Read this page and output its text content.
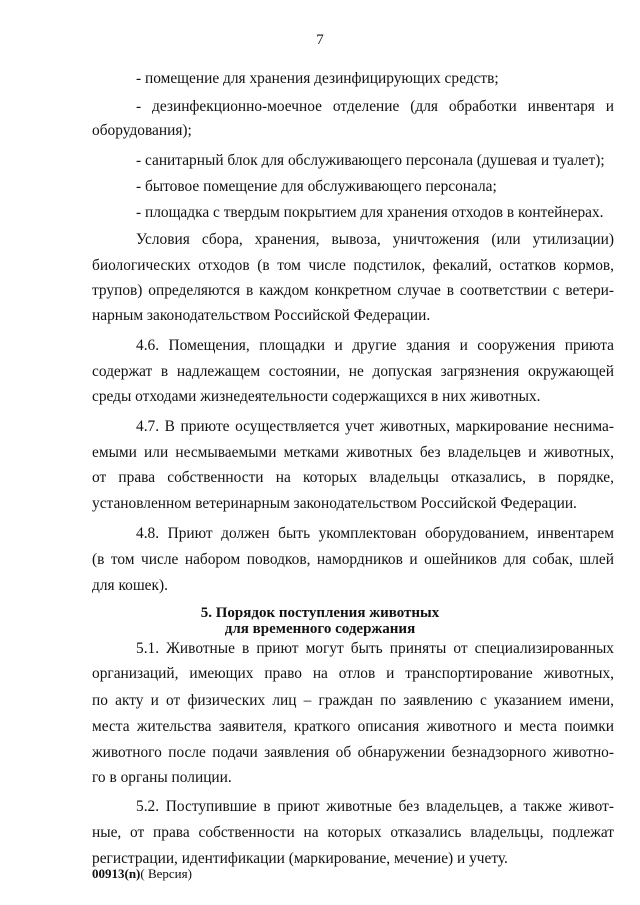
7
- помещение для хранения дезинфицирующих средств;
- дезинфекционно-моечное отделение (для обработки инвентаря и
оборудования);
- санитарный блок для обслуживающего персонала (душевая и туалет);
- бытовое помещение для обслуживающего персонала;
- площадка с твердым покрытием для хранения отходов в контейнерах.
Условия сбора, хранения, вывоза, уничтожения (или утилизации)
биологических отходов (в том числе подстилок, фекалий, остатков кормов,
трупов) определяются в каждом конкретном случае в соответствии с ветери-
нарным законодательством Российской Федерации.
4.6. Помещения, площадки и другие здания и сооружения приюта
содержат в надлежащем состоянии, не допуская загрязнения окружающей
среды отходами жизнедеятельности содержащихся в них животных.
4.7. В приюте осуществляется учет животных, маркирование неснима-
емыми или несмываемыми метками животных без владельцев и животных,
от права собственности на которых владельцы отказались, в порядке,
установленном ветеринарным законодательством Российской Федерации.
4.8. Приют должен быть укомплектован оборудованием, инвентарем
(в том числе набором поводков, намордников и ошейников для собак, шлей
для кошек).
5. Порядок поступления животных
для временного содержания
5.1. Животные в приют могут быть приняты от специализированных
организаций, имеющих право на отлов и транспортирование животных,
по акту и от физических лиц – граждан по заявлению с указанием имени,
места жительства заявителя, краткого описания животного и места поимки
животного после подачи заявления об обнаружении безнадзорного животно-
го в органы полиции.
5.2. Поступившие в приют животные без владельцев, а также живот-
ные, от права собственности на которых отказались владельцы, подлежат
регистрации, идентификации (маркирование, мечение) и учету.
00913(n)( Версия)
